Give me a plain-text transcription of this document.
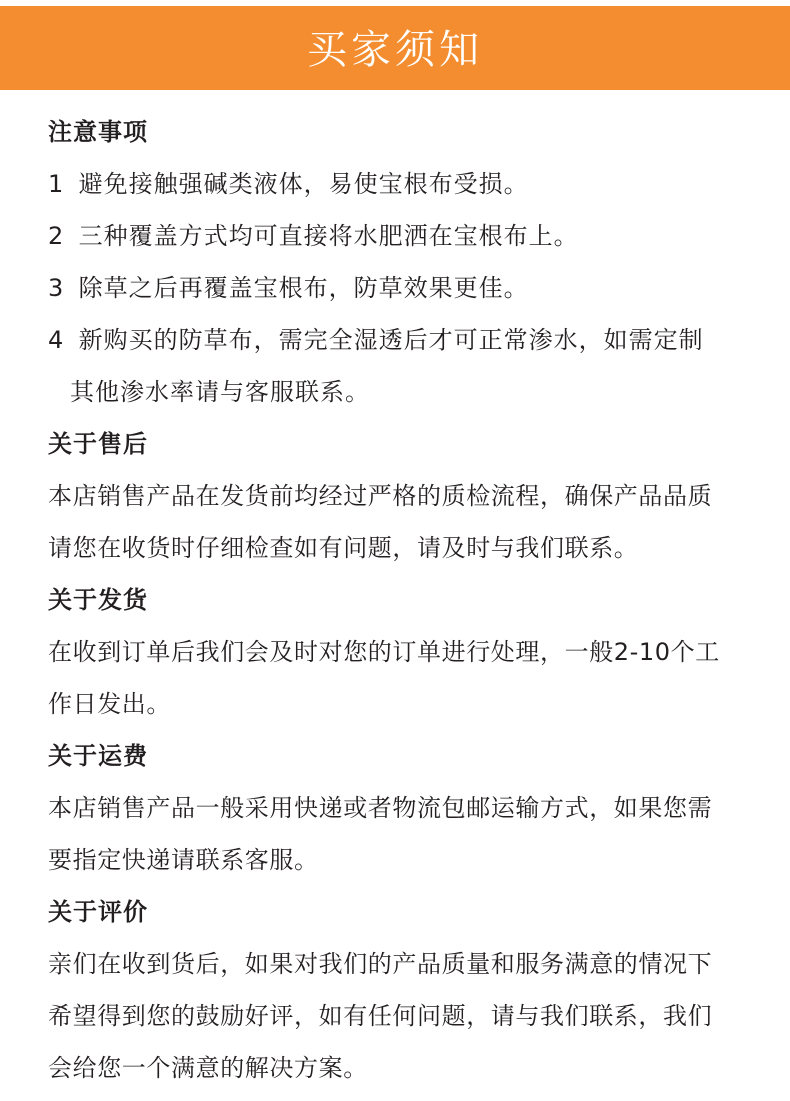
买家须知
注意事项
1 避免接触强碱类液体，易使宝根布受损。
2 三种覆盖方式均可直接将水肥洒在宝根布上。
3 除草之后再覆盖宝根布，防草效果更佳。
4 新购买的防草布，需完全湿透后才可正常渗水，如需定制
其他渗水率请与客服联系。
关于售后
本店销售产品在发货前均经过严格的质检流程，确保产品品质
请您在收货时仔细检查如有问题，请及时与我们联系。
关于发货
在收到订单后我们会及时对您的订单进行处理，一般2-10个工
作日发出。
关于运费
本店销售产品一般采用快递或者物流包邮运输方式，如果您需
要指定快递请联系客服。
关于评价
亲们在收到货后，如果对我们的产品质量和服务满意的情况下
希望得到您的鼓励好评，如有任何问题，请与我们联系，我们
会给您一个满意的解决方案。
